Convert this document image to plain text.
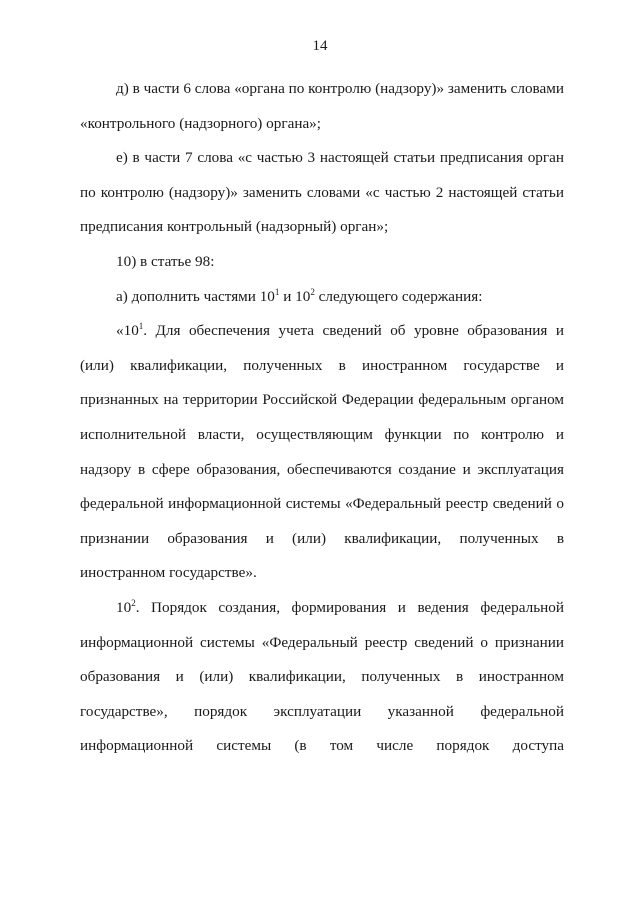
14

д) в части 6 слова «органа по контролю (надзору)» заменить словами «контрольного (надзорного) органа»;

е) в части 7 слова «с частью 3 настоящей статьи предписания орган по контролю (надзору)» заменить словами «с частью 2 настоящей статьи предписания контрольный (надзорный) орган»;

10) в статье 98:

а) дополнить частями $10^1$ и $10^2$ следующего содержания:

«$10^1$. Для обеспечения учета сведений об уровне образования и (или) квалификации, полученных в иностранном государстве и признанных на территории Российской Федерации федеральным органом исполнительной власти, осуществляющим функции по контролю и надзору в сфере образования, обеспечиваются создание и эксплуатация федеральной информационной системы «Федеральный реестр сведений о признании образования и (или) квалификации, полученных в иностранном государстве».

$10^2$. Порядок создания, формирования и ведения федеральной информационной системы «Федеральный реестр сведений о признании образования и (или) квалификации, полученных в иностранном государстве», порядок эксплуатации указанной федеральной информационной системы (в том числе порядок доступа
